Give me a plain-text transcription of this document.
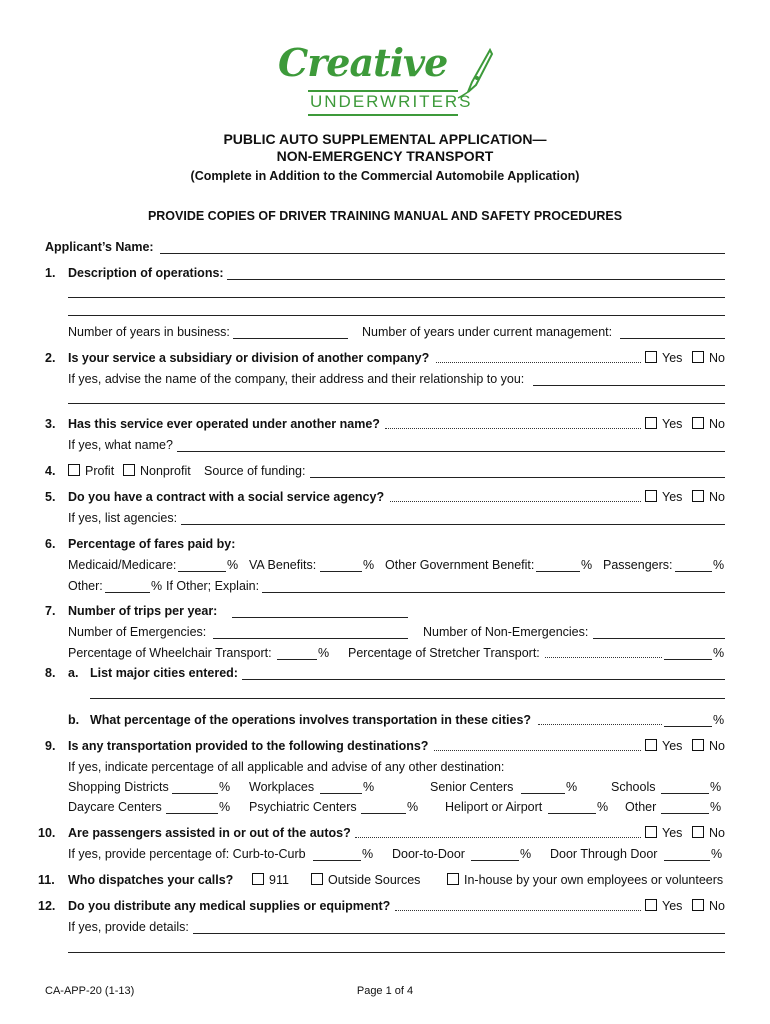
Creative
UNDERWRITERS
PUBLIC AUTO SUPPLEMENTAL APPLICATION—
NON-EMERGENCY TRANSPORT
(Complete in Addition to the Commercial Automobile Application)
PROVIDE COPIES OF DRIVER TRAINING MANUAL AND SAFETY PROCEDURES
Applicant’s Name:
1. Description of operations:
Number of years in business:	Number of years under current management:
2. Is your service a subsidiary or division of another company?	Yes	No
If yes, advise the name of the company, their address and their relationship to you:
3. Has this service ever operated under another name?	Yes	No
If yes, what name?
4.	Profit	Nonprofit Source of funding:
5. Do you have a contract with a social service agency?	Yes	No
If yes, list agencies:
6. Percentage of fares paid by:
Medicaid/Medicare:	% VA Benefits:	% Other Government Benefit:	% Passengers:	%
Other:	% If Other; Explain:
7. Number of trips per year:
Number of Emergencies:	Number of Non-Emergencies:
Percentage of Wheelchair Transport:	% Percentage of Stretcher Transport:	%
8. a. List major cities entered:
b. What percentage of the operations involves transportation in these cities?	%
9. Is any transportation provided to the following destinations?	Yes	No
If yes, indicate percentage of all applicable and advise of any other destination:
Shopping Districts	% Workplaces	%	Senior Centers	%	Schools	%
Daycare Centers	% Psychiatric Centers	% Heliport or Airport	% Other	%
10. Are passengers assisted in or out of the autos?	Yes	No
If yes, provide percentage of: Curb-to-Curb	% Door-to-Door	% Door Through Door	%
11. Who dispatches your calls?	911	Outside Sources	In-house by your own employees or volunteers
12. Do you distribute any medical supplies or equipment?	Yes	No
If yes, provide details:
CA-APP-20 (1-13)	Page 1 of 4
